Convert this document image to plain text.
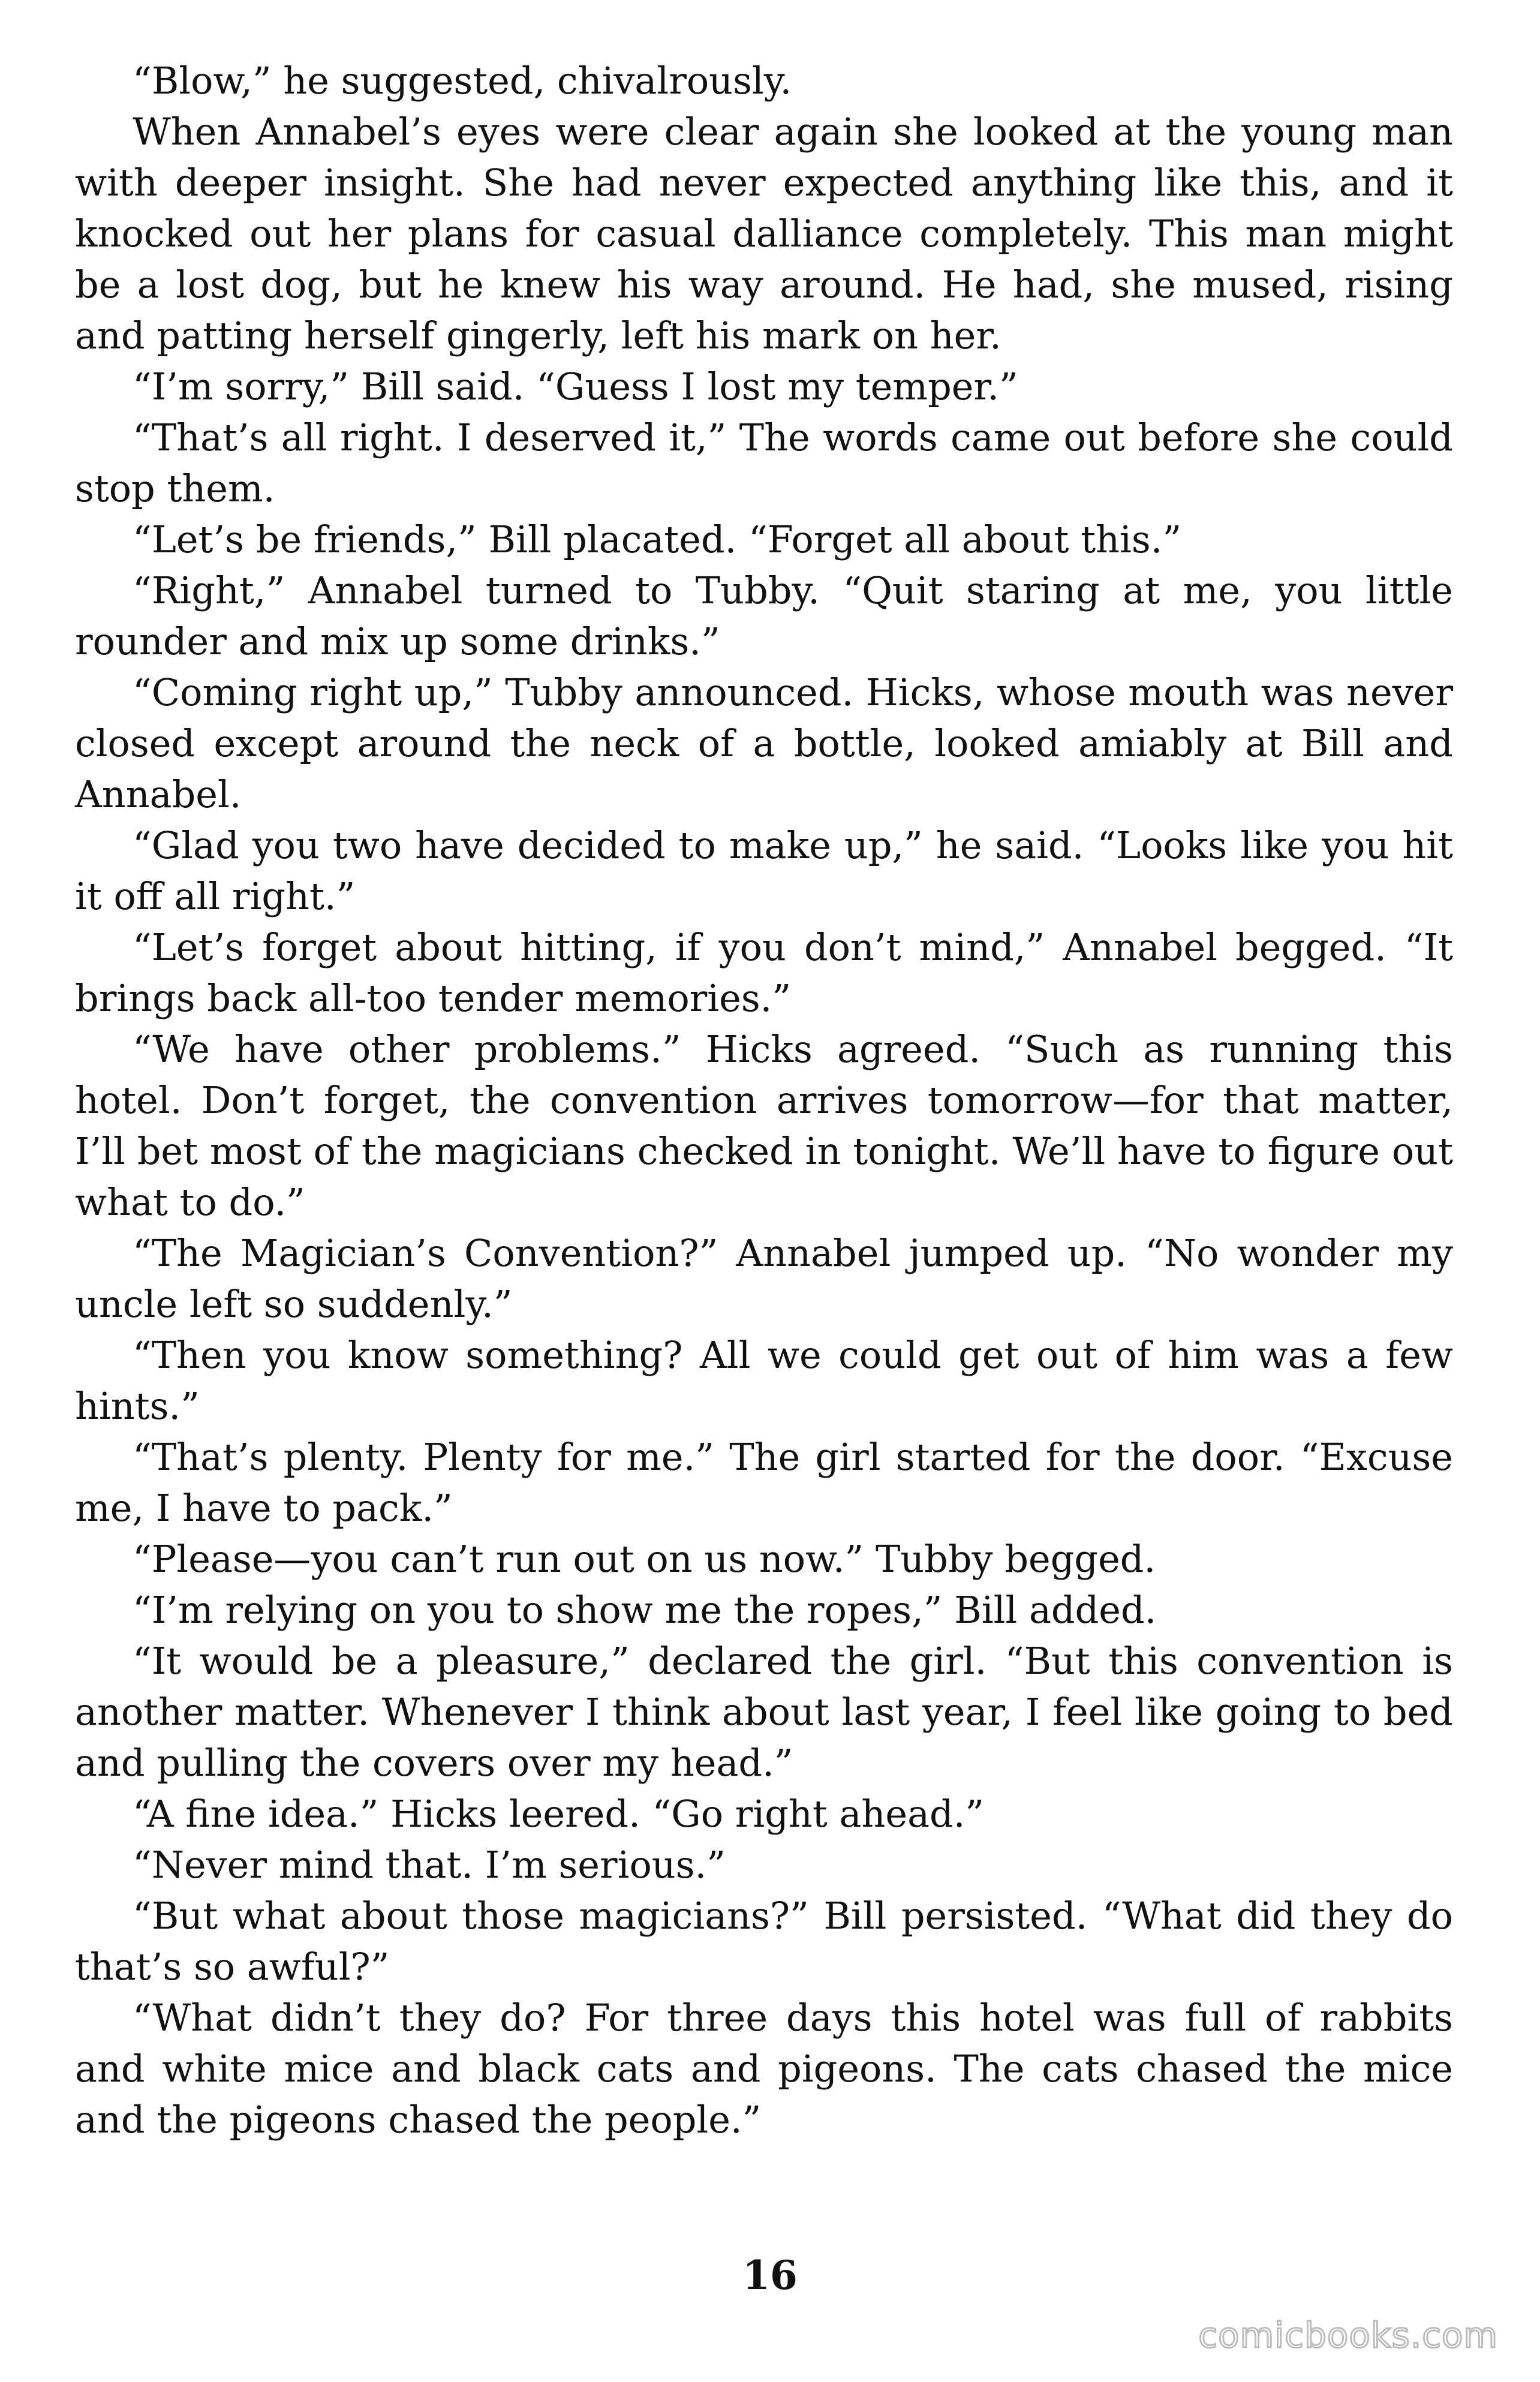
“Blow,” he suggested, chivalrously.

When Annabel’s eyes were clear again she looked at the young man with deeper insight. She had never expected anything like this, and it knocked out her plans for casual dalliance completely. This man might be a lost dog, but he knew his way around. He had, she mused, rising and patting herself gingerly, left his mark on her.

“I’m sorry,” Bill said. “Guess I lost my temper.”

“That’s all right. I deserved it,” The words came out before she could stop them.

“Let’s be friends,” Bill placated. “Forget all about this.”

“Right,” Annabel turned to Tubby. “Quit staring at me, you little rounder and mix up some drinks.”

“Coming right up,” Tubby announced. Hicks, whose mouth was never closed except around the neck of a bottle, looked amiably at Bill and Annabel.

“Glad you two have decided to make up,” he said. “Looks like you hit it off all right.”

“Let’s forget about hitting, if you don’t mind,” Annabel begged. “It brings back all-too tender memories.”

“We have other problems.” Hicks agreed. “Such as running this hotel. Don’t forget, the convention arrives tomorrow—for that matter, I’ll bet most of the magicians checked in tonight. We’ll have to figure out what to do.”

“The Magician’s Convention?” Annabel jumped up. “No wonder my uncle left so suddenly.”

“Then you know something? All we could get out of him was a few hints.”

“That’s plenty. Plenty for me.” The girl started for the door. “Excuse me, I have to pack.”

“Please—you can’t run out on us now.” Tubby begged.

“I’m relying on you to show me the ropes,” Bill added.

“It would be a pleasure,” declared the girl. “But this convention is another matter. Whenever I think about last year, I feel like going to bed and pulling the covers over my head.”

“A fine idea.” Hicks leered. “Go right ahead.”

“Never mind that. I’m serious.”

“But what about those magicians?” Bill persisted. “What did they do that’s so awful?”

“What didn’t they do? For three days this hotel was full of rabbits and white mice and black cats and pigeons. The cats chased the mice and the pigeons chased the people.”

16
comicbooks.com
